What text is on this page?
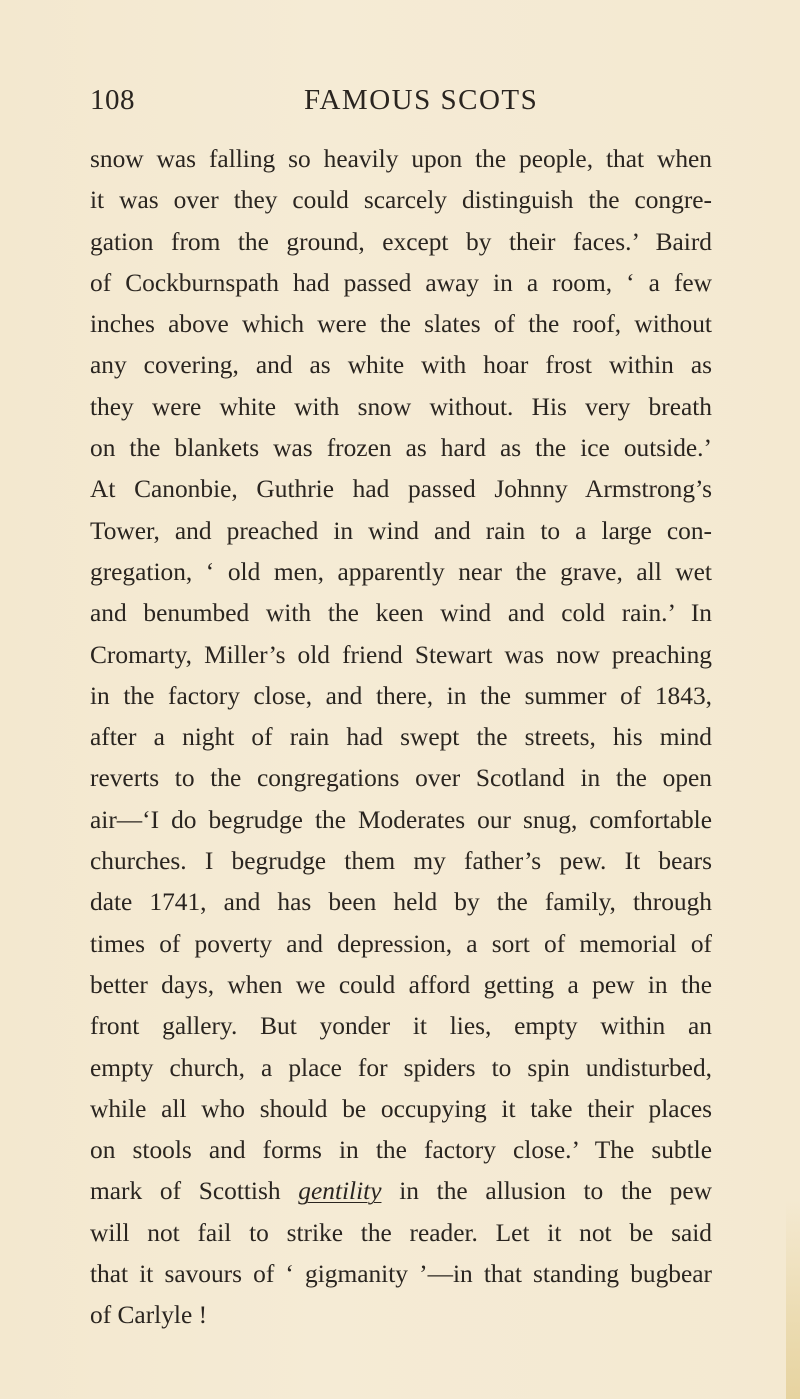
108	FAMOUS SCOTS
snow was falling so heavily upon the people, that when
it was over they could scarcely distinguish the congre-
gation from the ground, except by their faces.’ Baird
of Cockburnspath had passed away in a room, ‘ a few
inches above which were the slates of the roof, without
any covering, and as white with hoar frost within as
they were white with snow without. His very breath
on the blankets was frozen as hard as the ice outside.’
At Canonbie, Guthrie had passed Johnny Armstrong’s
Tower, and preached in wind and rain to a large con-
gregation, ‘ old men, apparently near the grave, all wet
and benumbed with the keen wind and cold rain.’ In
Cromarty, Miller’s old friend Stewart was now preaching
in the factory close, and there, in the summer of 1843,
after a night of rain had swept the streets, his mind
reverts to the congregations over Scotland in the open
air—‘I do begrudge the Moderates our snug, comfortable
churches. I begrudge them my father’s pew. It bears
date 1741, and has been held by the family, through
times of poverty and depression, a sort of memorial of
better days, when we could afford getting a pew in the
front gallery. But yonder it lies, empty within an
empty church, a place for spiders to spin undisturbed,
while all who should be occupying it take their places
on stools and forms in the factory close.’ The subtle
mark of Scottish gentility in the allusion to the pew
will not fail to strike the reader. Let it not be said
that it savours of ‘ gigmanity ’—in that standing bugbear
of Carlyle !
